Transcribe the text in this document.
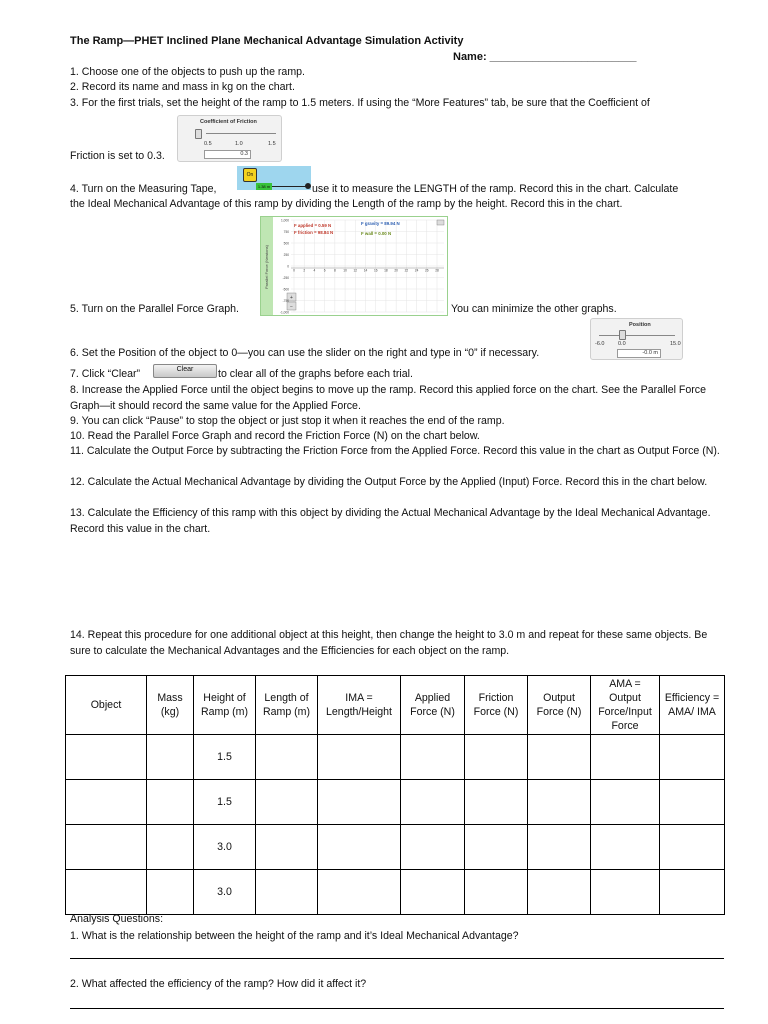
The Ramp—PHET Inclined Plane Mechanical Advantage Simulation Activity
Name: ________________________
1. Choose one of the objects to push up the ramp.
2. Record its name and mass in kg on the chart.
3. For the first trials, set the height of the ramp to 1.5 meters. If using the “More Features” tab, be sure that the Coefficient of
Coefficient of Friction
0.5	1.0	1.5
0.3
Friction is set to 0.3.
On
1.38 m
4. Turn on the Measuring Tape,	use it to measure the LENGTH of the ramp. Record this in the chart. Calculate
the Ideal Mechanical Advantage of this ramp by dividing the Length of the ramp by the height. Record this in the chart.
+
−
Parallel Force (Newtons)
F applied = 0.59 N
F friction = 98.84 N
F gravity = 89.94 N
F wall = 0.00 N
1,000
750
500
250
0
-250
-500
-750
-1,000
0	2	4	6	8 10 12 14 16 18 20 22 24 26 28
5. Turn on the Parallel Force Graph.	You can minimize the other graphs.
Position
-6.0 0.0	15.0
-0.0 m
6. Set the Position of the object to 0—you can use the slider on the right and type in “0” if necessary.
7. Click “Clear”	Clear	to clear all of the graphs before each trial.
8. Increase the Applied Force until the object begins to move up the ramp. Record this applied force on the chart. See the Parallel Force Graph—it should record the same value for the Applied Force.
9. You can click “Pause” to stop the object or just stop it when it reaches the end of the ramp.
10. Read the Parallel Force Graph and record the Friction Force (N) on the chart below.
11. Calculate the Output Force by subtracting the Friction Force from the Applied Force. Record this value in the chart as Output Force (N).
12. Calculate the Actual Mechanical Advantage by dividing the Output Force by the Applied (Input) Force. Record this in the chart below.
13. Calculate the Efficiency of this ramp with this object by dividing the Actual Mechanical Advantage by the Ideal Mechanical Advantage. Record this value in the chart.
14. Repeat this procedure for one additional object at this height, then change the height to 3.0 m and repeat for these same objects. Be sure to calculate the Mechanical Advantages and the Efficiencies for each object on the ramp.
Object	Mass (kg)	Height of Ramp (m)	Length of Ramp (m)	IMA = Length/Height	Applied Force (N)	Friction Force (N)	Output Force (N)	AMA = Output Force/Input Force	Efficiency = AMA/ IMA
		1.5							
		1.5							
		3.0							
		3.0							
Analysis Questions:
1. What is the relationship between the height of the ramp and it’s Ideal Mechanical Advantage?
2. What affected the efficiency of the ramp? How did it affect it?
